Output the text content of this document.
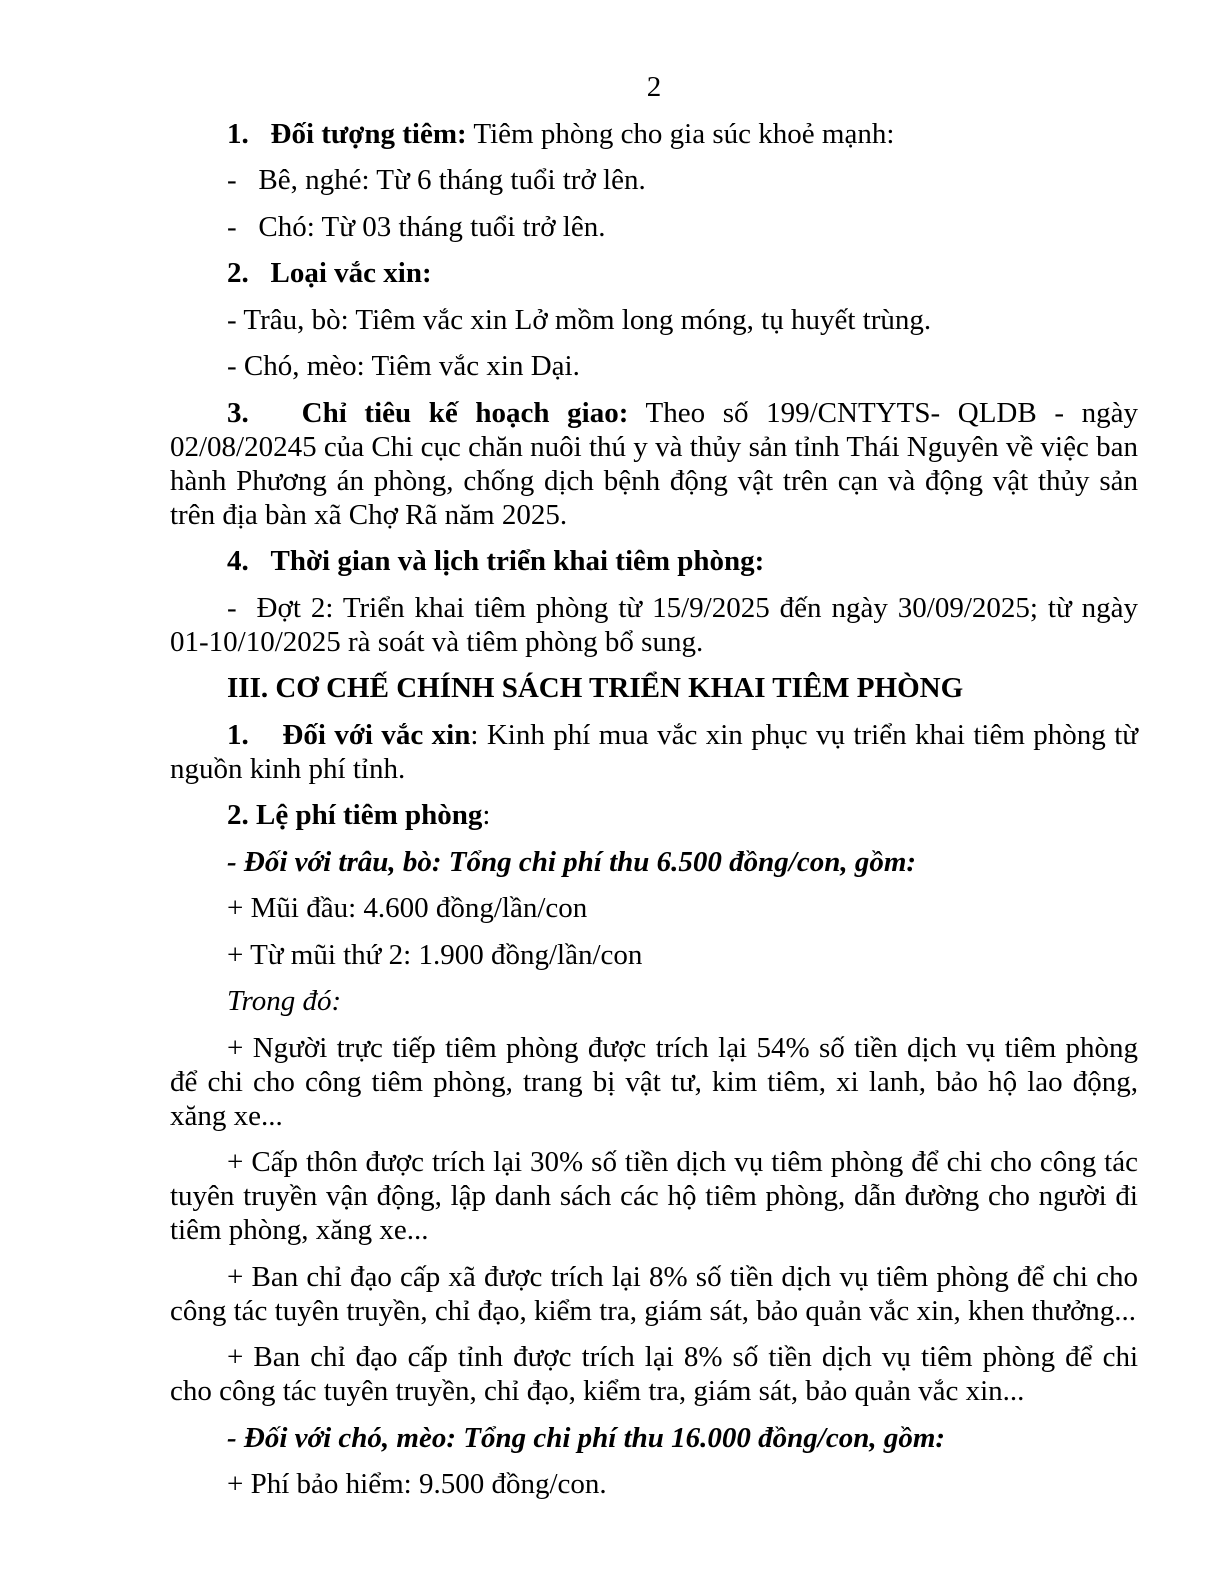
2

1.   Đối tượng tiêm: Tiêm phòng cho gia súc khoẻ mạnh:

-   Bê, nghé: Từ 6 tháng tuổi trở lên.

-   Chó: Từ 03 tháng tuổi trở lên.

2.   Loại vắc xin:

- Trâu, bò: Tiêm vắc xin Lở mồm long móng, tụ huyết trùng.

- Chó, mèo: Tiêm vắc xin Dại.

3.   Chỉ tiêu kế hoạch giao: Theo số 199/CNTYTS- QLDB - ngày 02/08/20245 của Chi cục chăn nuôi thú y và thủy sản tỉnh Thái Nguyên về việc ban hành Phương án phòng, chống dịch bệnh động vật trên cạn và động vật thủy sản trên địa bàn xã Chợ Rã năm 2025.

4.   Thời gian và lịch triển khai tiêm phòng:

-  Đợt 2: Triển khai tiêm phòng từ 15/9/2025 đến ngày 30/09/2025; từ ngày 01-10/10/2025 rà soát và tiêm phòng bổ sung.

III. CƠ CHẾ CHÍNH SÁCH TRIỂN KHAI TIÊM PHÒNG

1.    Đối với vắc xin: Kinh phí mua vắc xin phục vụ triển khai tiêm phòng từ nguồn kinh phí tỉnh.

2. Lệ phí tiêm phòng:

- Đối với trâu, bò: Tổng chi phí thu 6.500 đồng/con, gồm:

+ Mũi đầu: 4.600 đồng/lần/con

+ Từ mũi thứ 2: 1.900 đồng/lần/con

Trong đó:

+ Người trực tiếp tiêm phòng được trích lại 54% số tiền dịch vụ tiêm phòng để chi cho công tiêm phòng, trang bị vật tư, kim tiêm, xi lanh, bảo hộ lao động, xăng xe...

+ Cấp thôn được trích lại 30% số tiền dịch vụ tiêm phòng để chi cho công tác tuyên truyền vận động, lập danh sách các hộ tiêm phòng, dẫn đường cho người đi tiêm phòng, xăng xe...

+ Ban chỉ đạo cấp xã được trích lại 8% số tiền dịch vụ tiêm phòng để chi cho công tác tuyên truyền, chỉ đạo, kiểm tra, giám sát, bảo quản vắc xin, khen thưởng...

+ Ban chỉ đạo cấp tỉnh được trích lại 8% số tiền dịch vụ tiêm phòng để chi cho công tác tuyên truyền, chỉ đạo, kiểm tra, giám sát, bảo quản vắc xin...

- Đối với chó, mèo: Tổng chi phí thu 16.000 đồng/con, gồm:

+ Phí bảo hiểm: 9.500 đồng/con.
